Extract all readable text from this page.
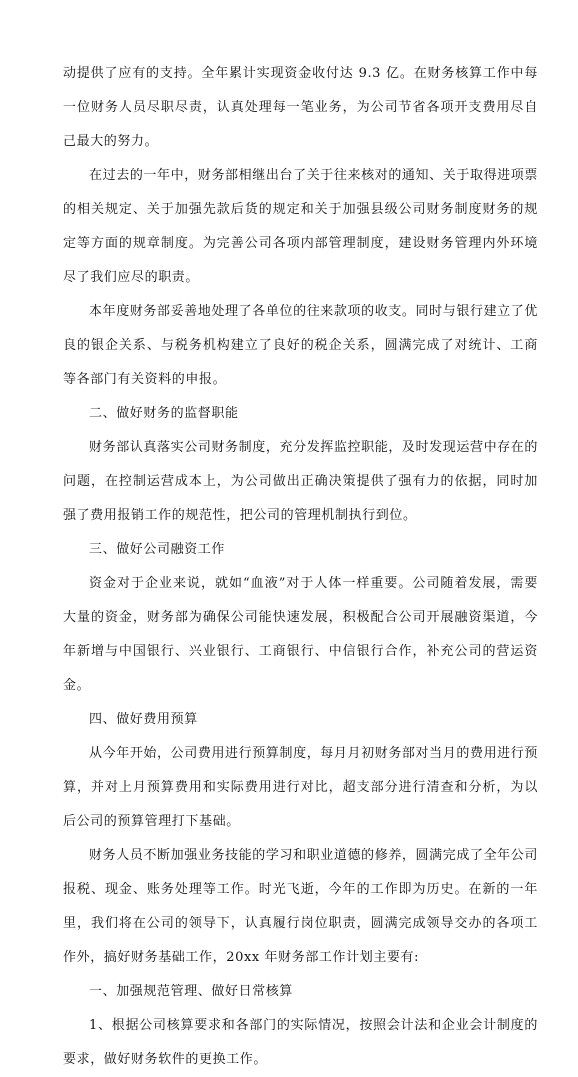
动提供了应有的支持。全年累计实现资金收付达 9.3 亿。在财务核算工作中每一位财务人员尽职尽责，认真处理每一笔业务，为公司节省各项开支费用尽自己最大的努力。

在过去的一年中，财务部相继出台了关于往来核对的通知、关于取得进项票的相关规定、关于加强先款后货的规定和关于加强县级公司财务制度财务的规定等方面的规章制度。为完善公司各项内部管理制度，建设财务管理内外环境尽了我们应尽的职责。

本年度财务部妥善地处理了各单位的往来款项的收支。同时与银行建立了优良的银企关系、与税务机构建立了良好的税企关系，圆满完成了对统计、工商等各部门有关资料的申报。

二、做好财务的监督职能

财务部认真落实公司财务制度，充分发挥监控职能，及时发现运营中存在的问题，在控制运营成本上，为公司做出正确决策提供了强有力的依据，同时加强了费用报销工作的规范性，把公司的管理机制执行到位。

三、做好公司融资工作

资金对于企业来说，就如“血液”对于人体一样重要。公司随着发展，需要大量的资金，财务部为确保公司能快速发展，积极配合公司开展融资渠道，今年新增与中国银行、兴业银行、工商银行、中信银行合作，补充公司的营运资金。

四、做好费用预算

从今年开始，公司费用进行预算制度，每月月初财务部对当月的费用进行预算，并对上月预算费用和实际费用进行对比，超支部分进行清查和分析，为以后公司的预算管理打下基础。

财务人员不断加强业务技能的学习和职业道德的修养，圆满完成了全年公司报税、现金、账务处理等工作。时光飞逝，今年的工作即为历史。在新的一年里，我们将在公司的领导下，认真履行岗位职责，圆满完成领导交办的各项工作外，搞好财务基础工作，20xx 年财务部工作计划主要有:

一、加强规范管理、做好日常核算

1、根据公司核算要求和各部门的实际情况，按照会计法和企业会计制度的要求，做好财务软件的更换工作。
